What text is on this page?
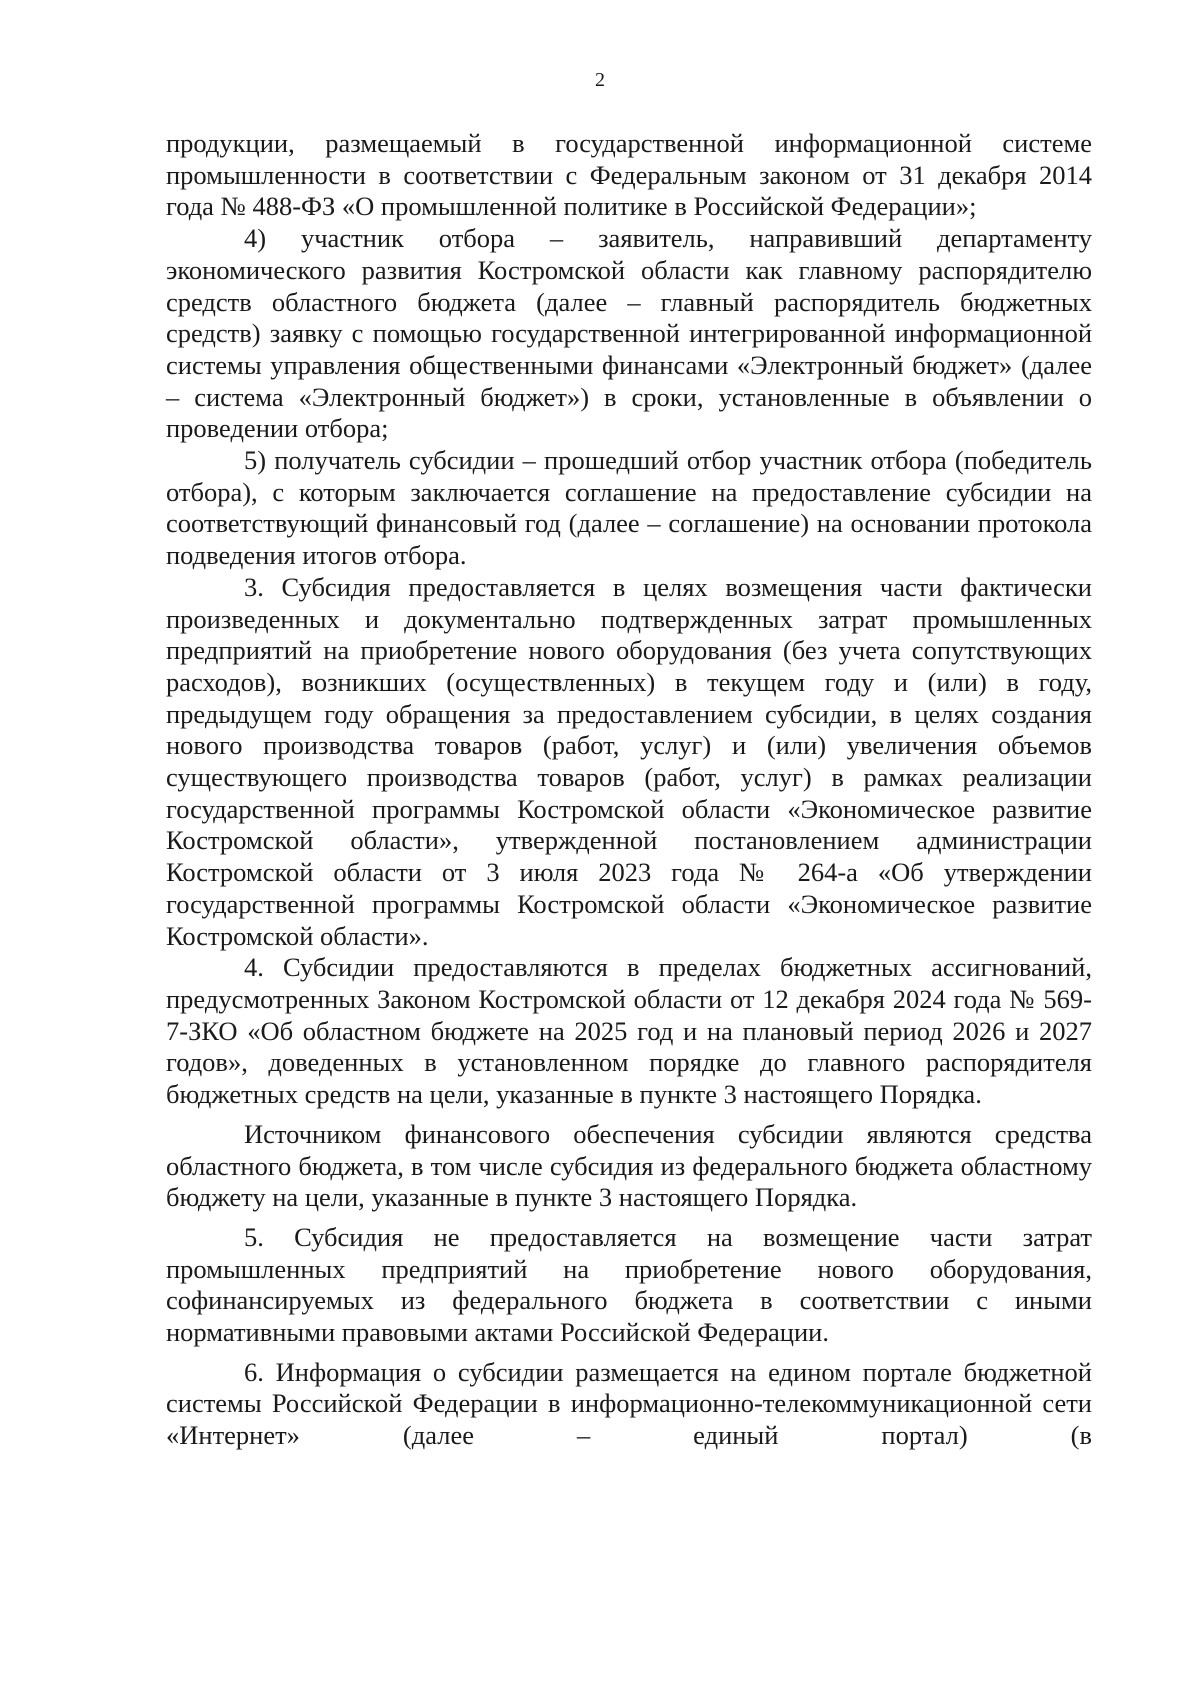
2

продукции, размещаемый в государственной информационной системе промышленности в соответствии с Федеральным законом от 31 декабря 2014 года № 488-ФЗ «О промышленной политике в Российской Федерации»;

4) участник отбора – заявитель, направивший департаменту экономического развития Костромской области как главному распорядителю средств областного бюджета (далее – главный распорядитель бюджетных средств) заявку с помощью государственной интегрированной информационной системы управления общественными финансами «Электронный бюджет» (далее – система «Электронный бюджет») в сроки, установленные в объявлении о проведении отбора;

5) получатель субсидии – прошедший отбор участник отбора (победитель отбора), с которым заключается соглашение на предоставление субсидии на соответствующий финансовый год (далее – соглашение) на основании протокола подведения итогов отбора.

3. Субсидия предоставляется в целях возмещения части фактически произведенных и документально подтвержденных затрат промышленных предприятий на приобретение нового оборудования (без учета сопутствующих расходов), возникших (осуществленных) в текущем году и (или) в году, предыдущем году обращения за предоставлением субсидии, в целях создания нового производства товаров (работ, услуг) и (или) увеличения объемов существующего производства товаров (работ, услуг) в рамках реализации государственной программы Костромской области «Экономическое развитие Костромской области», утвержденной постановлением администрации Костромской области от 3 июля 2023 года № 264-а «Об утверждении государственной программы Костромской области «Экономическое развитие Костромской области».

4. Субсидии предоставляются в пределах бюджетных ассигнований, предусмотренных Законом Костромской области от 12 декабря 2024 года № 569-7-ЗКО «Об областном бюджете на 2025 год и на плановый период 2026 и 2027 годов», доведенных в установленном порядке до главного распорядителя бюджетных средств на цели, указанные в пункте 3 настоящего Порядка.

Источником финансового обеспечения субсидии являются средства областного бюджета, в том числе субсидия из федерального бюджета областному бюджету на цели, указанные в пункте 3 настоящего Порядка.

5. Субсидия не предоставляется на возмещение части затрат промышленных предприятий на приобретение нового оборудования, софинансируемых из федерального бюджета в соответствии с иными нормативными правовыми актами Российской Федерации.

6. Информация о субсидии размещается на едином портале бюджетной системы Российской Федерации в информационно-телекоммуникационной сети «Интернет» (далее – единый портал) (в
